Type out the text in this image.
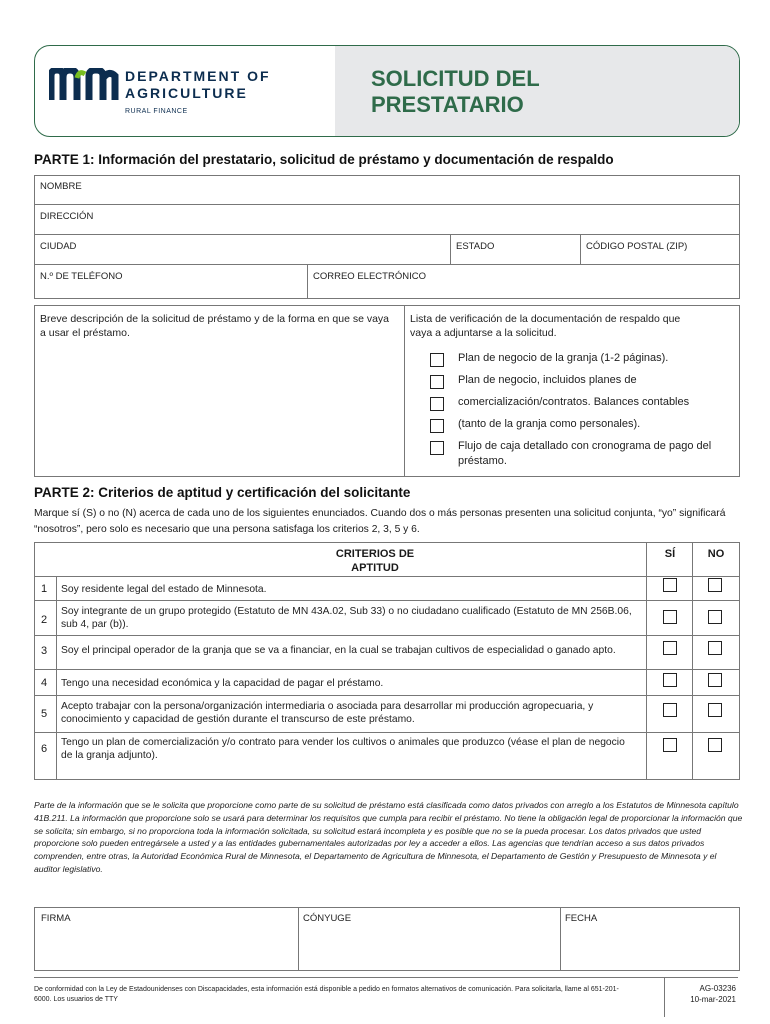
DEPARTMENT OF
AGRICULTURE
RURAL FINANCE
SOLICITUD DEL
PRESTATARIO
PARTE 1: Información del prestatario, solicitud de préstamo y documentación de respaldo
NOMBRE
DIRECCIÓN
CIUDAD	ESTADO	CÓDIGO POSTAL (ZIP)
N.º DE TELÉFONO	CORREO ELECTRÓNICO
Breve descripción de la solicitud de préstamo y de la forma en que se vaya a usar el préstamo.
Lista de verificación de la documentación de respaldo que vaya a adjuntarse a la solicitud.
Plan de negocio de la granja (1-2 páginas).
Plan de negocio, incluidos planes de
comercialización/contratos. Balances contables
(tanto de la granja como personales).
Flujo de caja detallado con cronograma de pago del préstamo.
PARTE 2: Criterios de aptitud y certificación del solicitante
Marque sí (S) o no (N) acerca de cada uno de los siguientes enunciados. Cuando dos o más personas presenten una solicitud conjunta, “yo” significará “nosotros”, pero solo es necesario que una persona satisfaga los criterios 2, 3, 5 y 6.
CRITERIOS DE
APTITUD
SÍ	NO
1 Soy residente legal del estado de Minnesota.
2
Soy integrante de un grupo protegido (Estatuto de MN 43A.02, Sub 33) o no ciudadano cualificado (Estatuto de MN 256B.06, sub 4, par (b)).
3 Soy el principal operador de la granja que se va a financiar, en la cual se trabajan cultivos de especialidad o ganado apto.
4 Tengo una necesidad económica y la capacidad de pagar el préstamo.
5
Acepto trabajar con la persona/organización intermediaria o asociada para desarrollar mi producción agropecuaria, y conocimiento y capacidad de gestión durante el transcurso de este préstamo.
6
Tengo un plan de comercialización y/o contrato para vender los cultivos o animales que produzco (véase el plan de negocio
de la granja adjunto).
Parte de la información que se le solicita que proporcione como parte de su solicitud de préstamo está clasificada como datos privados con arreglo a los Estatutos de Minnesota capítulo 41B.211. La información que proporcione solo se usará para determinar los requisitos que cumpla para recibir el préstamo. No tiene la obligación legal de proporcionar la información que se solicita; sin embargo, si no proporciona toda la información solicitada, su solicitud estará incompleta y es posible que no se la pueda procesar. Los datos privados que usted proporcione solo pueden entregársele a usted y a las entidades gubernamentales autorizadas por ley a acceder a ellos. Las agencias que tendrían acceso a sus datos privados comprenden, entre otras, la Autoridad Económica Rural de Minnesota, el Departamento de Agricultura de Minnesota, el Departamento de Gestión y Presupuesto de Minnesota y el auditor legislativo.
FIRMA	CÓNYUGE	FECHA
De conformidad con la Ley de Estadounidenses con Discapacidades, esta información está disponible a pedido en formatos alternativos de comunicación. Para solicitarla, llame al 651-201-6000. Los usuarios de TTY
AG-03236
10-mar-2021
